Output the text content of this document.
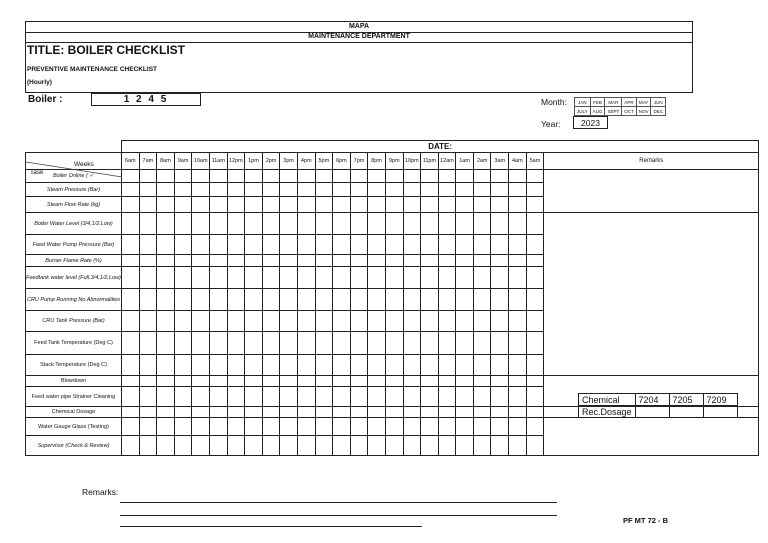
MAPA
MAINTENANCE DEPARTMENT
TITLE: BOILER CHECKLIST
PREVENTIVE MAINTENANCE CHECKLIST
(Hourly)
Boiler :	1 2 4 5	Month: JAN	FEB	MAR	APR	MAY	JUN
JULY	AUG	SEPT	OCT	NOV	DEC
Year:	2023
	DATE:																								

Weeks
Task	6am	7am	8am	9am	10am	11am	12pm	1pm	2pm	3pm	4pm	5pm	6pm	7pm	8pm	9pm	10pm	11pm	12am	1am	2am	3am	4am	5am	Remarks
Boiler Online ( ✓																									
Steam Pressure (Bar)																									
Steam Flow Rate (kg)																									
Boiler Water Level (3/4,1/2,Low)																									
Feed Water Pump Pressure (Bar)																									
Burner Flame Rate (%)																									
Feedtank water level (Full,3/4,1/2,Low)																									
CRU Pump Running No Abnormalities																									
CRU Tank Pressure (Bar)																									
Feed Tank Temperature (Deg C)																									
Stack Temperature (Deg C)																									
Blowdown																									
Feed water pipe Strainer Cleaning																									
Chemical Dosage																									
Water Gauge Glass (Testing)																									
Supervisor (Check & Review)																									
Chemical	7204	7205	7209
Rec.Dosage			
Remarks:
PF MT 72 - B
